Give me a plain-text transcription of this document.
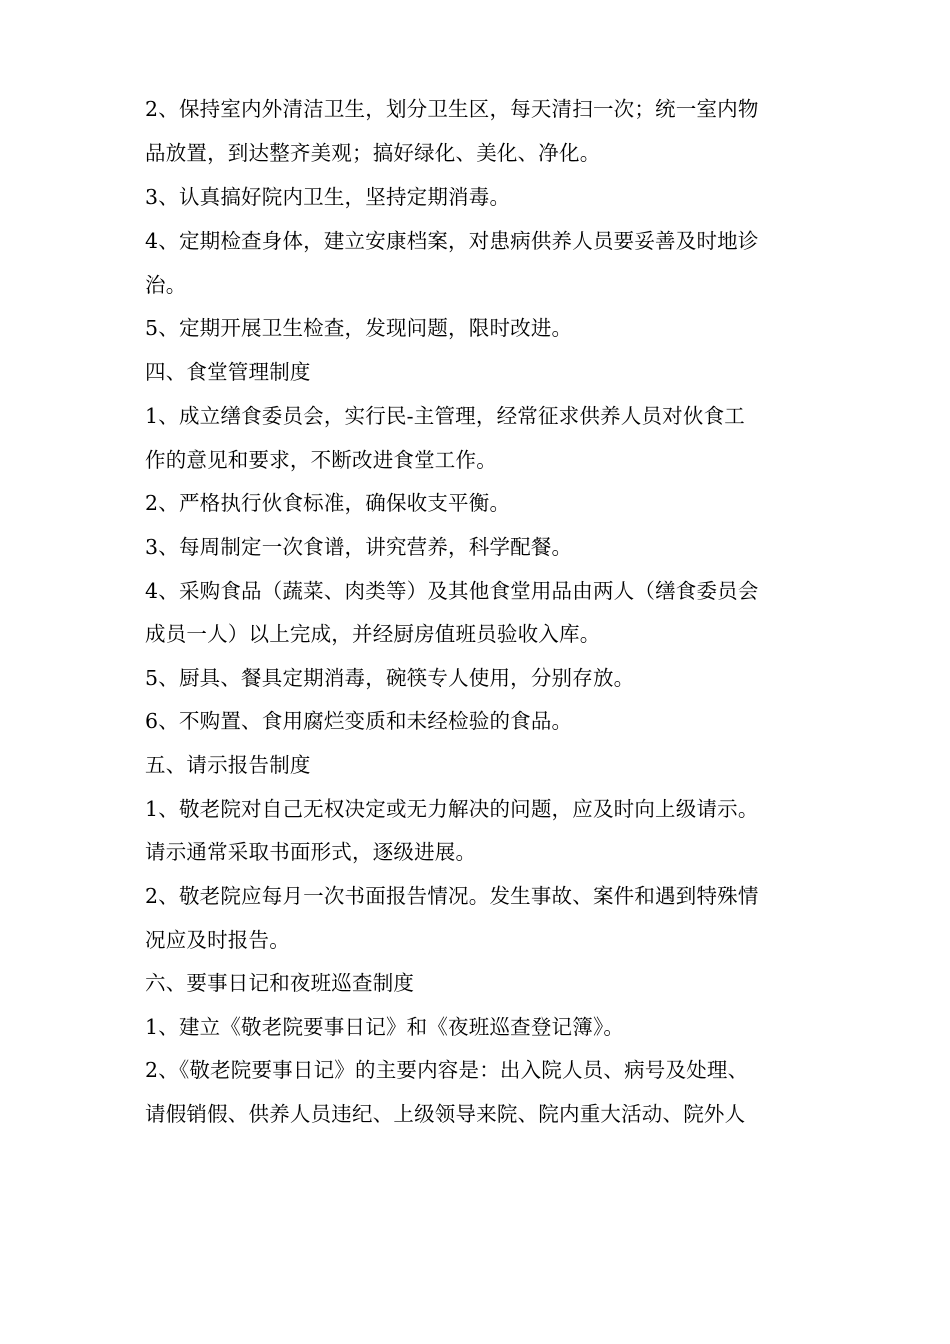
2、保持室内外清洁卫生，划分卫生区，每天清扫一次；统一室内物
品放置，到达整齐美观；搞好绿化、美化、净化。
3、认真搞好院内卫生，坚持定期消毒。
4、定期检查身体，建立安康档案，对患病供养人员要妥善及时地诊
治。
5、定期开展卫生检查，发现问题，限时改进。
四、食堂管理制度
1、成立缮食委员会，实行民-主管理，经常征求供养人员对伙食工
作的意见和要求，不断改进食堂工作。
2、严格执行伙食标准，确保收支平衡。
3、每周制定一次食谱，讲究营养，科学配餐。
4、采购食品（蔬菜、肉类等）及其他食堂用品由两人（缮食委员会
成员一人）以上完成，并经厨房值班员验收入库。
5、厨具、餐具定期消毒，碗筷专人使用，分别存放。
6、不购置、食用腐烂变质和未经检验的食品。
五、请示报告制度
1、敬老院对自己无权决定或无力解决的问题，应及时向上级请示。
请示通常采取书面形式，逐级进展。
2、敬老院应每月一次书面报告情况。发生事故、案件和遇到特殊情
况应及时报告。
六、要事日记和夜班巡查制度
1、建立《敬老院要事日记》和《夜班巡查登记簿》。
2、《敬老院要事日记》的主要内容是：出入院人员、病号及处理、
请假销假、供养人员违纪、上级领导来院、院内重大活动、院外人
